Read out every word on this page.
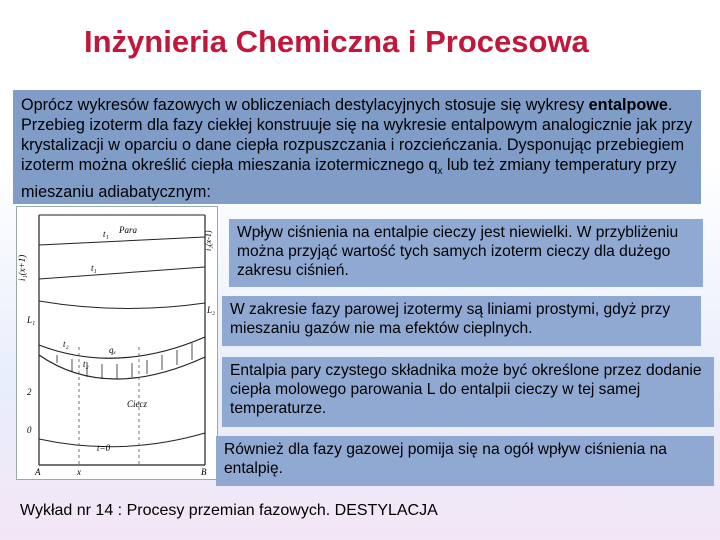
Inżynieria Chemiczna i Procesowa
Oprócz wykresów fazowych w obliczeniach destylacyjnych stosuje się wykresy entalpowe. Przebieg izoterm dla fazy ciekłej konstruuje się na wykresie entalpowym analogicznie jak przy krystalizacji w oparciu o dane ciepła rozpuszczania i rozcieńczania. Dysponując przebiegiem izoterm można określić ciepła mieszania izotermicznego $q_x$ lub też zmiany temperatury przy mieszaniu adiabatycznym:
i₁(x+1)
L₁
2
0
i₂(x-1)
L₂
t₁ Para
t₁
t₂
qₓ
t₂
Ciecz
t=0
A	x	B
Wpływ ciśnienia na entalpie cieczy jest niewielki. W przybliżeniu można przyjąć wartość tych samych izoterm cieczy dla dużego zakresu ciśnień.
W zakresie fazy parowej izotermy są liniami prostymi, gdyż przy mieszaniu gazów nie ma efektów cieplnych.
Entalpia pary czystego składnika może być określone przez dodanie ciepła molowego parowania L do entalpii cieczy w tej samej temperaturze.
Również dla fazy gazowej pomija się na ogół wpływ ciśnienia na entalpię.
Wykład nr 14 : Procesy przemian fazowych. DESTYLACJA
